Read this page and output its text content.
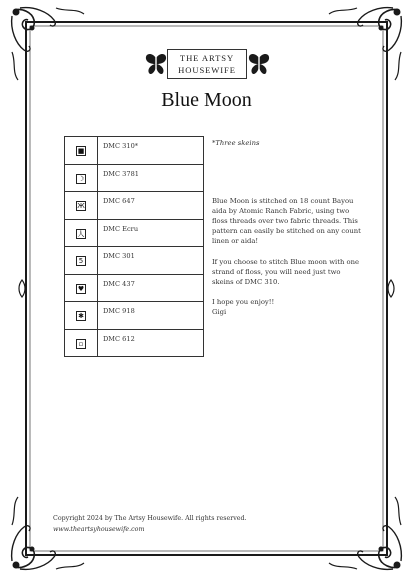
THE ARTSY
HOUSEWIFE
Blue Moon
■	DMC 310*
☽	DMC 3781
Ж	DMC 647
人	DMC Ecru
5	DMC 301
♥	DMC 437
✱	DMC 918
▫	DMC 612
*Three skeins
Blue Moon is stitched on 18 count Bayou aida by Atomic Ranch Fabric, using two floss threads over two fabric threads. This pattern can easily be stitched on any count linen or aida!
If you choose to stitch Blue moon with one strand of floss, you will need just two skeins of DMC 310.

I hope you enjoy!!

Gigi

Copyright 2024 by The Artsy Housewife. All rights reserved.
www.theartsyhousewife.com
